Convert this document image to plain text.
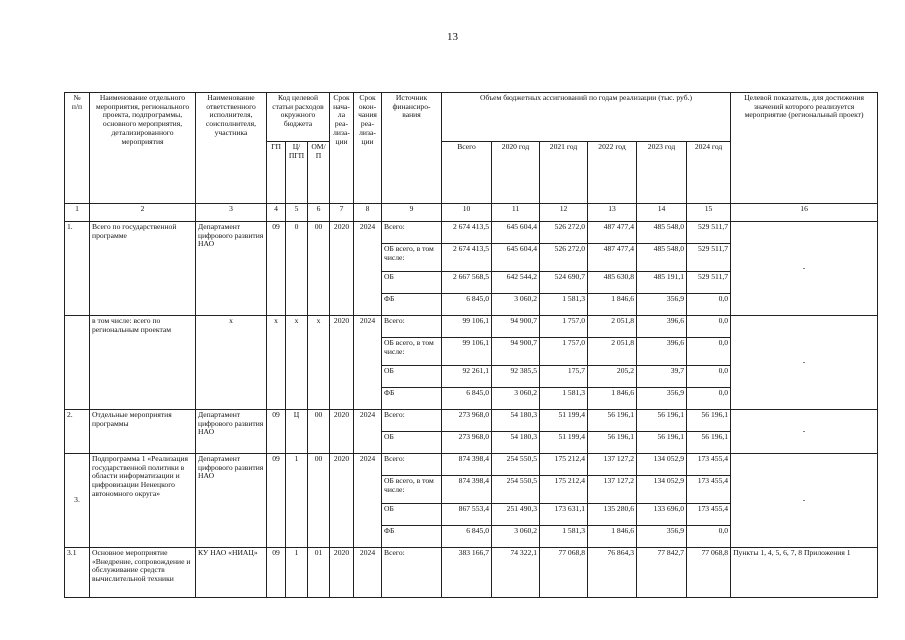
13
№
п/п	Наименование отдельного мероприятия, регионального проекта, подпрограммы, основного мероприятия, детализированного мероприятия	Наименование ответственного исполнителя, соисполнителя, участника	Код целевой статьи расходов окружного бюджета			Срок нача- ла реа- лиза- ции	Срок окон- чания реа- лиза- ции	Источник финансиро- вания	Объем бюджетных ассигнований по годам реализации (тыс. руб.)						Целевой показатель, для достижения значений которого реализуется мероприятие (региональный проект)
			ГП	Ц/ ПГП	ОМ/ П				Всего	2020 год	2021 год	2022 год	2023 год	2024 год	

1	2	3	4	5	6	7	8	9	10	11	12	13	14	15	16
1.	Всего по государственной программе	Департамент цифрового развития НАО	09	0	00	2020	2024	Всего:	2 674 413,5	645 604,4	526 272,0	487 477,4	485 548,0	529 511,7	-
								ОБ всего, в том числе:	2 674 413,5	645 604,4	526 272,0	487 477,4	485 548,0	529 511,7	
								ОБ	2 667 568,5	642 544,2	524 690,7	485 630,8	485 191,1	529 511,7	
								ФБ	6 845,0	3 060,2	1 581,3	1 846,6	356,9	0,0	
	в том числе: всего по региональным проектам	х	х	х	х	2020	2024	Всего:	99 106,1	94 900,7	1 757,0	2 051,8	396,6	0,0	-
								ОБ всего, в том числе:	99 106,1	94 900,7	1 757,0	2 051,8	396,6	0,0	
								ОБ	92 261,1	92 385,5	175,7	205,2	39,7	0,0	
								ФБ	6 845,0	3 060,2	1 581,3	1 846,6	356,9	0,0	
2.	Отдельные мероприятия программы	Департамент цифрового развития НАО	09	Ц	00	2020	2024	Всего:	273 968,0	54 180,3	51 199,4	56 196,1	56 196,1	56 196,1	-
								ОБ	273 968,0	54 180,3	51 199,4	56 196,1	56 196,1	56 196,1	
3.	Подпрограмма 1 «Реализация государственной политики в области информатизации и цифровизации Ненецкого автономного округа»	Департамент цифрового развития НАО	09	1	00	2020	2024	Всего:	874 398,4	254 550,5	175 212,4	137 127,2	134 052,9	173 455,4	-
								ОБ всего, в том числе:	874 398,4	254 550,5	175 212,4	137 127,2	134 052,9	173 455,4	
								ОБ	867 553,4	251 490,3	173 631,1	135 280,6	133 696,0	173 455,4	
								ФБ	6 845,0	3 060,2	1 581,3	1 846,6	356,9	0,0	
3.1	Основное мероприятие «Внедрение, сопровождение и обслуживание средств вычислительной техники	КУ НАО «НИАЦ»	09	1	01	2020	2024	Всего:	383 166,7	74 322,1	77 068,8	76 864,3	77 842,7	77 068,8	Пункты 1, 4, 5, 6, 7, 8 Приложения 1
